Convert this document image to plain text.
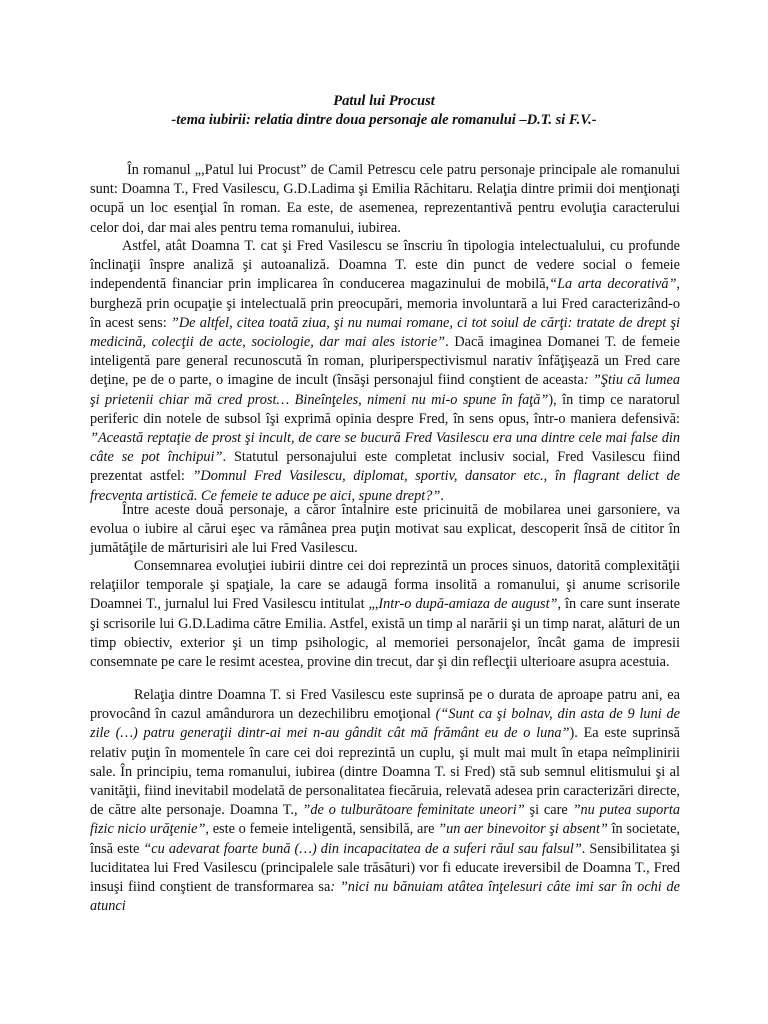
Patul lui Procust
-tema iubirii: relatia dintre doua personaje ale romanului –D.T. si F.V.-

În romanul „,Patul lui Procust” de Camil Petrescu cele patru personaje principale ale romanului sunt: Doamna T., Fred Vasilescu, G.D.Ladima şi Emilia Răchitaru. Relaţia dintre primii doi menţionaţi ocupă un loc esenţial în roman. Ea este, de asemenea, reprezentantivă pentru evoluţia caracterului celor doi, dar mai ales pentru tema romanului, iubirea.

Astfel, atât Doamna T. cat şi Fred Vasilescu se înscriu în tipologia intelectualului, cu profunde înclinaţii înspre analiză şi autoanaliză. Doamna T. este din punct de vedere social o femeie independentă financiar prin implicarea în conducerea magazinului de mobilă,“La arta decorativă”, burgheză prin ocupaţie şi intelectuală prin preocupări, memoria involuntară a lui Fred caracterizând-o în acest sens: ”De altfel, citea toată ziua, şi nu numai romane, ci tot soiul de cărţi: tratate de drept şi medicină, colecţii de acte, sociologie, dar mai ales istorie”. Dacă imaginea Domanei T. de femeie inteligentă pare general recunoscută în roman, pluriperspectivismul narativ înfăţişează un Fred care deţine, pe de o parte, o imagine de incult (însăşi personajul fiind conştient de aceasta: ”Ştiu că lumea şi prietenii chiar mă cred prost… Bineînţeles, nimeni nu mi-o spune în faţă”), în timp ce naratorul periferic din notele de subsol îşi exprimă opinia despre Fred, în sens opus, într-o maniera defensivă: ”Această reptaţie de prost şi incult, de care se bucură Fred Vasilescu era una dintre cele mai false din câte se pot închipui”. Statutul personajului este completat inclusiv social, Fred Vasilescu fiind prezentat astfel: ”Domnul Fred Vasilescu, diplomat, sportiv, dansator etc., în flagrant delict de frecventa artistică. Ce femeie te aduce pe aici, spune drept?”.

Între aceste două personaje, a căror întalnire este pricinuită de mobilarea unei garsoniere, va evolua o iubire al cărui eşec va rămânea prea puţin motivat sau explicat, descoperit însă de cititor în jumătăţile de mărturisiri ale lui Fred Vasilescu.

Consemnarea evoluţiei iubirii dintre cei doi reprezintă un proces sinuos, datorită complexităţii relaţiilor temporale şi spaţiale, la care se adaugă forma insolită a romanului, şi anume scrisorile Doamnei T., jurnalul lui Fred Vasilescu intitulat „,Intr-o după-amiaza de august”, în care sunt inserate şi scrisorile lui G.D.Ladima către Emilia. Astfel, există un timp al narării şi un timp narat, alături de un timp obiectiv, exterior şi un timp psihologic, al memoriei personajelor, încât gama de impresii consemnate pe care le resimt acestea, provine din trecut, dar şi din reflecţii ulterioare asupra acestuia.

Relaţia dintre Doamna T. si Fred Vasilescu este suprinsă pe o durata de aproape patru ani, ea provocând în cazul amândurora un dezechilibru emoţional (“Sunt ca şi bolnav, din asta de 9 luni de zile (…) patru generaţii dintr-ai mei n-au gândit cât mă frământ eu de o luna”). Ea este suprinsă relativ puţin în momentele în care cei doi reprezintă un cuplu, şi mult mai mult în etapa neîmplinirii sale. În principiu, tema romanului, iubirea (dintre Doamna T. si Fred) stă sub semnul elitismului şi al vanităţii, fiind inevitabil modelată de personalitatea fiecăruia, relevată adesea prin caracterizări directe, de către alte personaje. Doamna T., ”de o tulburătoare feminitate uneori” şi care ”nu putea suporta fizic nicio urăţenie”, este o femeie inteligentă, sensibilă, are ”un aer binevoitor şi absent” în societate, însă este “cu adevarat foarte bună (…) din incapacitatea de a suferi răul sau falsul”. Sensibilitatea şi luciditatea lui Fred Vasilescu (principalele sale trăsături) vor fi educate ireversibil de Doamna T., Fred insuşi fiind conştient de transformarea sa: ”nici nu bănuiam atâtea înţelesuri câte imi sar în ochi de atunci
